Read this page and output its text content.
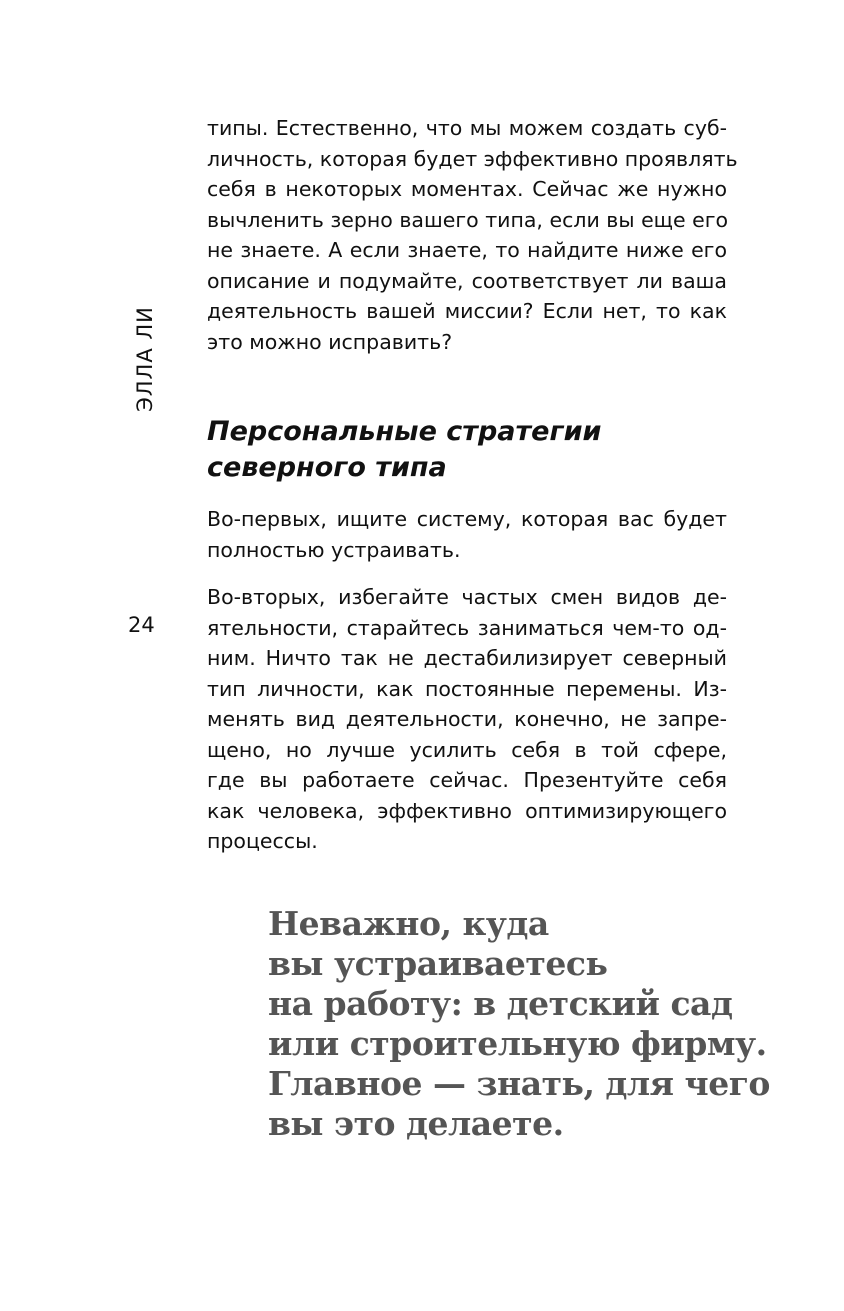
ЭЛЛА ЛИ
24

типы. Естественно, что мы можем создать суб-
личность, которая будет эффективно проявлять
себя в некоторых моментах. Сейчас же нужно
вычленить зерно вашего типа, если вы еще его
не знаете. А если знаете, то найдите ниже его
описание и подумайте, соответствует ли ваша
деятельность вашей миссии? Если нет, то как
это можно исправить?

Персональные стратегии
северного типа

Во-первых, ищите систему, которая вас будет
полностью устраивать.

Во-вторых, избегайте частых смен видов де-
ятельности, старайтесь заниматься чем-то од-
ним. Ничто так не дестабилизирует северный
тип личности, как постоянные перемены. Из-
менять вид деятельности, конечно, не запре-
щено, но лучше усилить себя в той сфере,
где вы работаете сейчас. Презентуйте себя
как человека, эффективно оптимизирующего
процессы.

Неважно, куда
вы устраиваетесь
на работу: в детский сад
или строительную фирму.
Главное — знать, для чего
вы это делаете.
